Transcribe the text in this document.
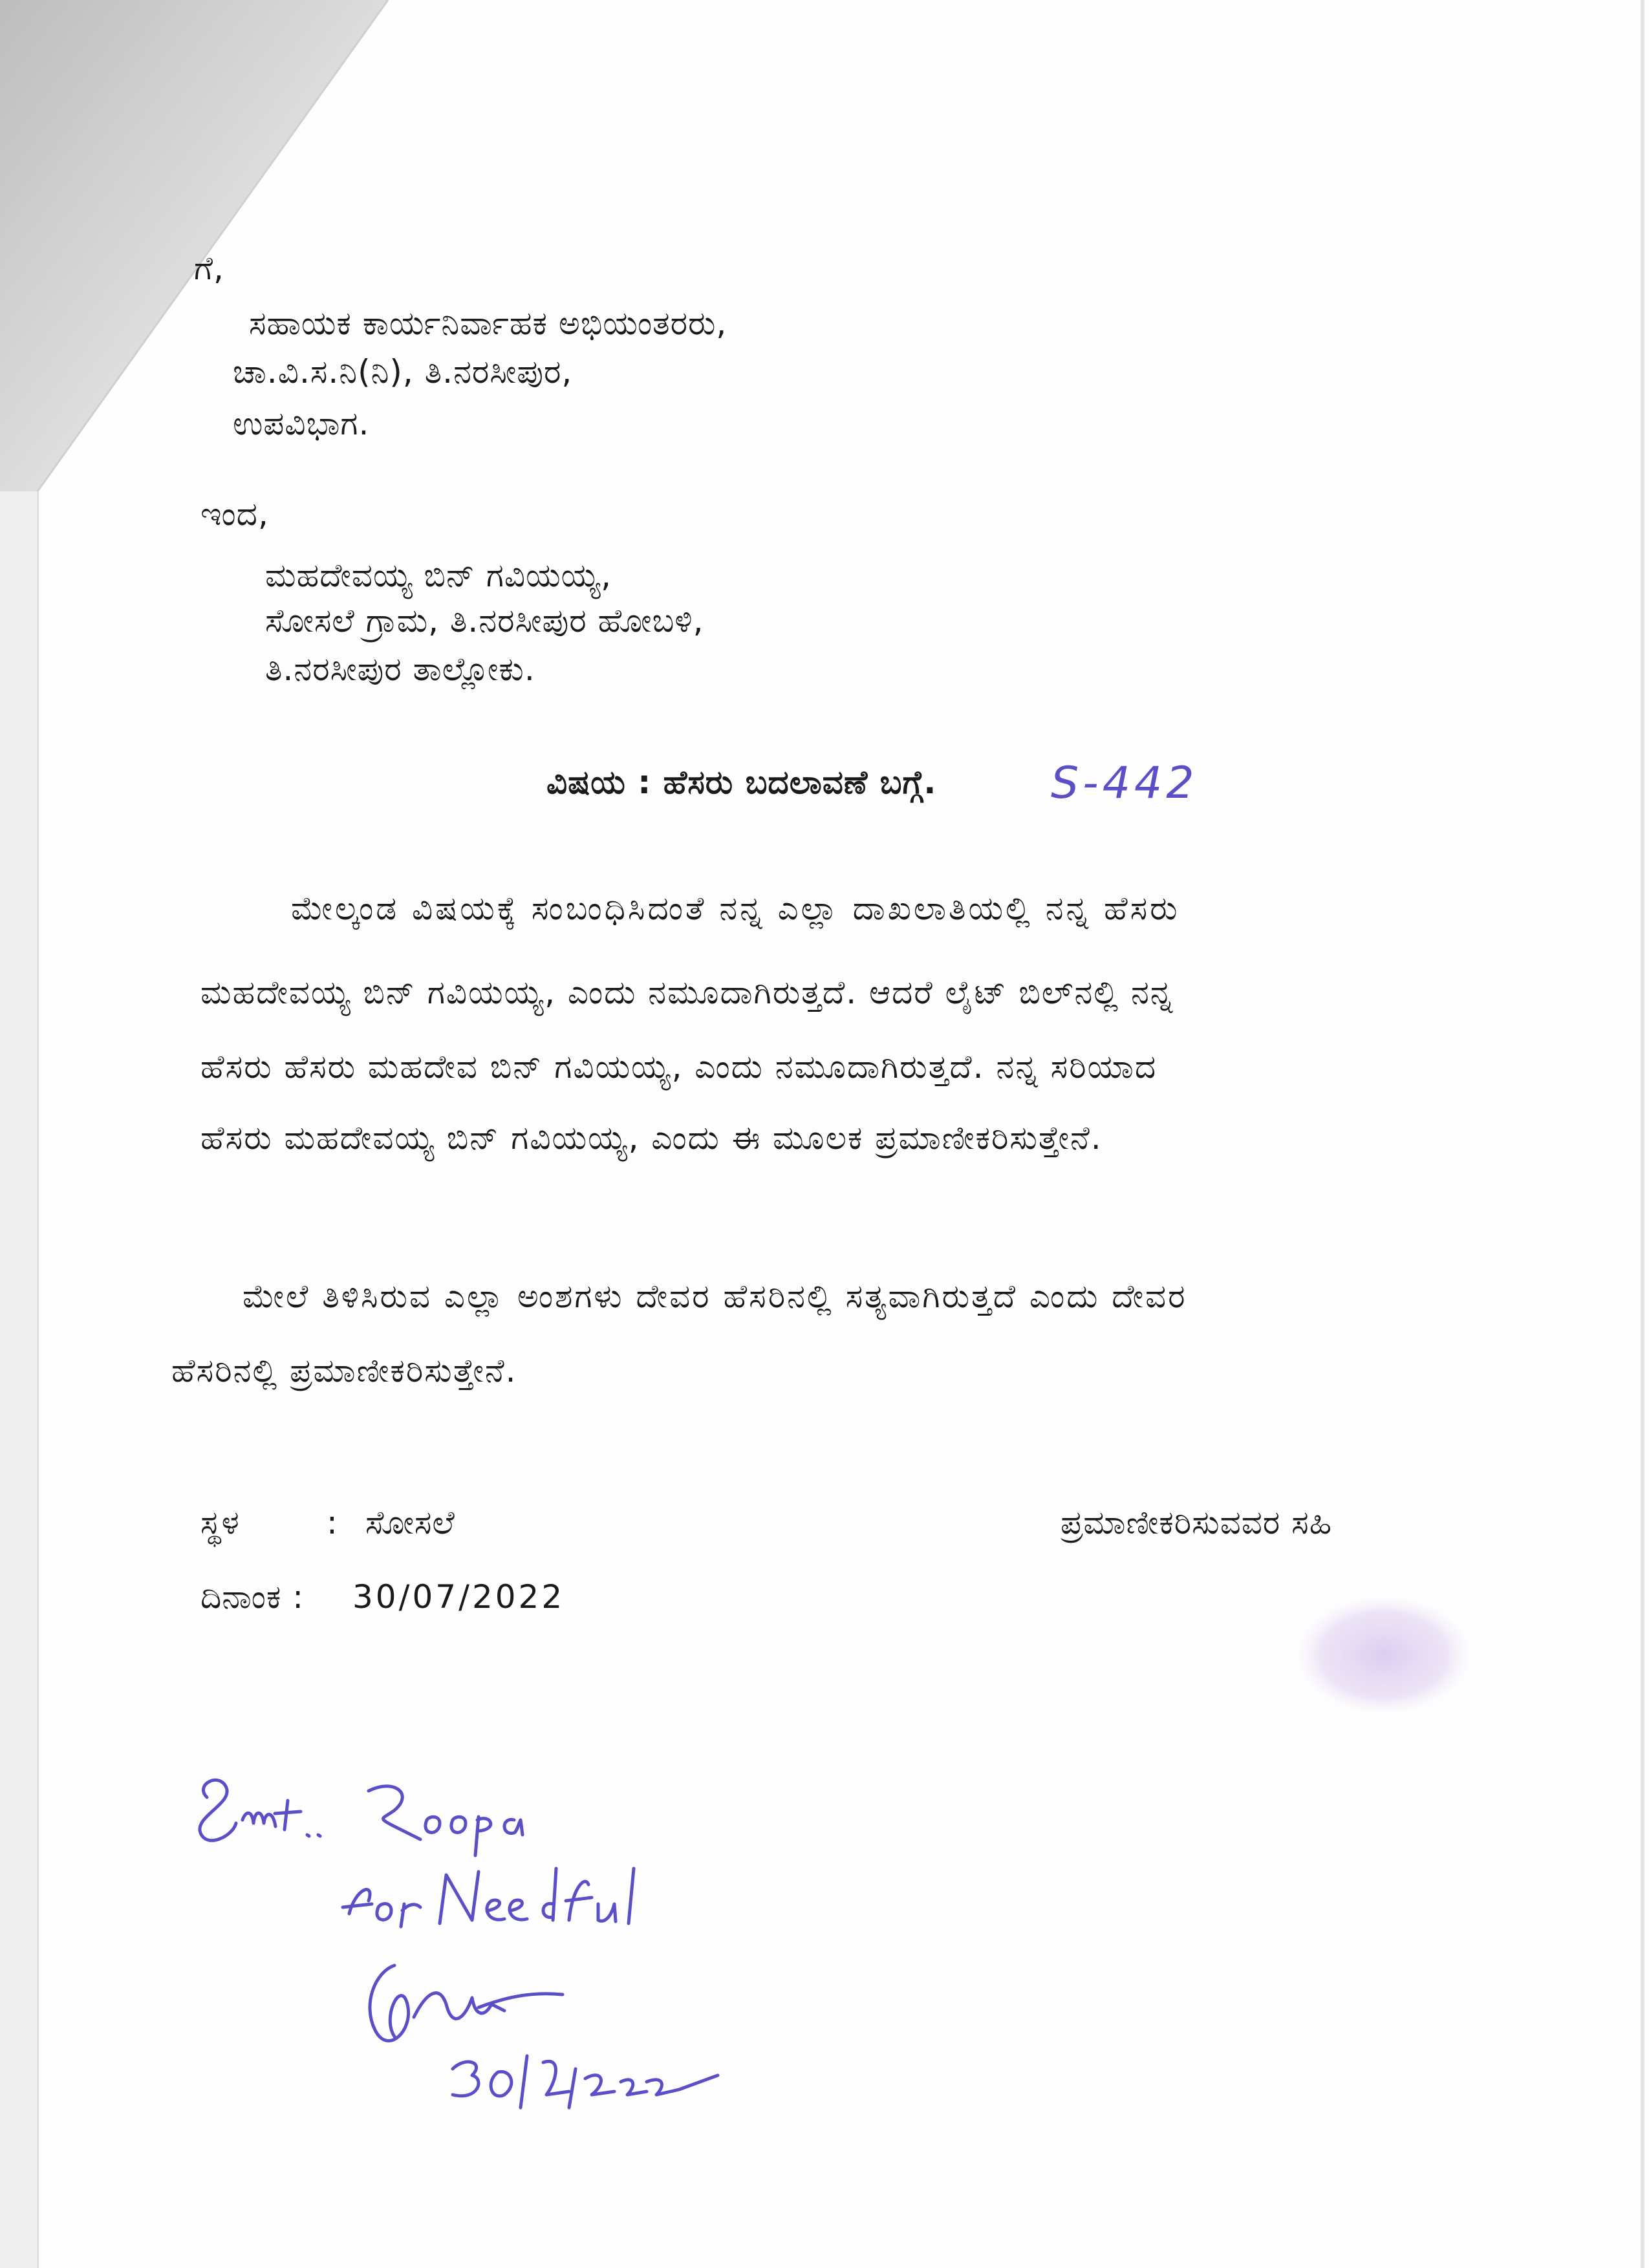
ಗೆ,
ಸಹಾಯಕ ಕಾರ್ಯನಿರ್ವಾಹಕ ಅಭಿಯಂತರರು,
ಚಾ.ವಿ.ಸ.ನಿ(ನಿ), ತಿ.ನರಸೀಪುರ,
ಉಪವಿಭಾಗ.
ಇಂದ,
ಮಹದೇವಯ್ಯ ಬಿನ್ ಗವಿಯಯ್ಯ,
ಸೋಸಲೆ ಗ್ರಾಮ, ತಿ.ನರಸೀಪುರ ಹೋಬಳಿ,
ತಿ.ನರಸೀಪುರ ತಾಲ್ಲೋಕು.
ವಿಷಯ : ಹೆಸರು ಬದಲಾವಣೆ ಬಗ್ಗೆ.	S-442
ಮೇಲ್ಕಂಡ ವಿಷಯಕ್ಕೆ ಸಂಬಂಧಿಸಿದಂತೆ ನನ್ನ ಎಲ್ಲಾ ದಾಖಲಾತಿಯಲ್ಲಿ ನನ್ನ ಹೆಸರು
ಮಹದೇವಯ್ಯ ಬಿನ್ ಗವಿಯಯ್ಯ, ಎಂದು ನಮೂದಾಗಿರುತ್ತದೆ. ಆದರೆ ಲೈಟ್ ಬಿಲ್‌ನಲ್ಲಿ ನನ್ನ
ಹೆಸರು ಹೆಸರು ಮಹದೇವ ಬಿನ್ ಗವಿಯಯ್ಯ, ಎಂದು ನಮೂದಾಗಿರುತ್ತದೆ. ನನ್ನ ಸರಿಯಾದ
ಹೆಸರು ಮಹದೇವಯ್ಯ ಬಿನ್ ಗವಿಯಯ್ಯ, ಎಂದು ಈ ಮೂಲಕ ಪ್ರಮಾಣೀಕರಿಸುತ್ತೇನೆ.
ಮೇಲೆ ತಿಳಿಸಿರುವ ಎಲ್ಲಾ ಅಂಶಗಳು ದೇವರ ಹೆಸರಿನಲ್ಲಿ ಸತ್ಯವಾಗಿರುತ್ತದೆ ಎಂದು ದೇವರ
ಹೆಸರಿನಲ್ಲಿ ಪ್ರಮಾಣೀಕರಿಸುತ್ತೇನೆ.
ಸ್ಥಳ	: ಸೋಸಲೆ	ಪ್ರಮಾಣೀಕರಿಸುವವರ ಸಹಿ
ದಿನಾಂಕ : 30/07/2022
